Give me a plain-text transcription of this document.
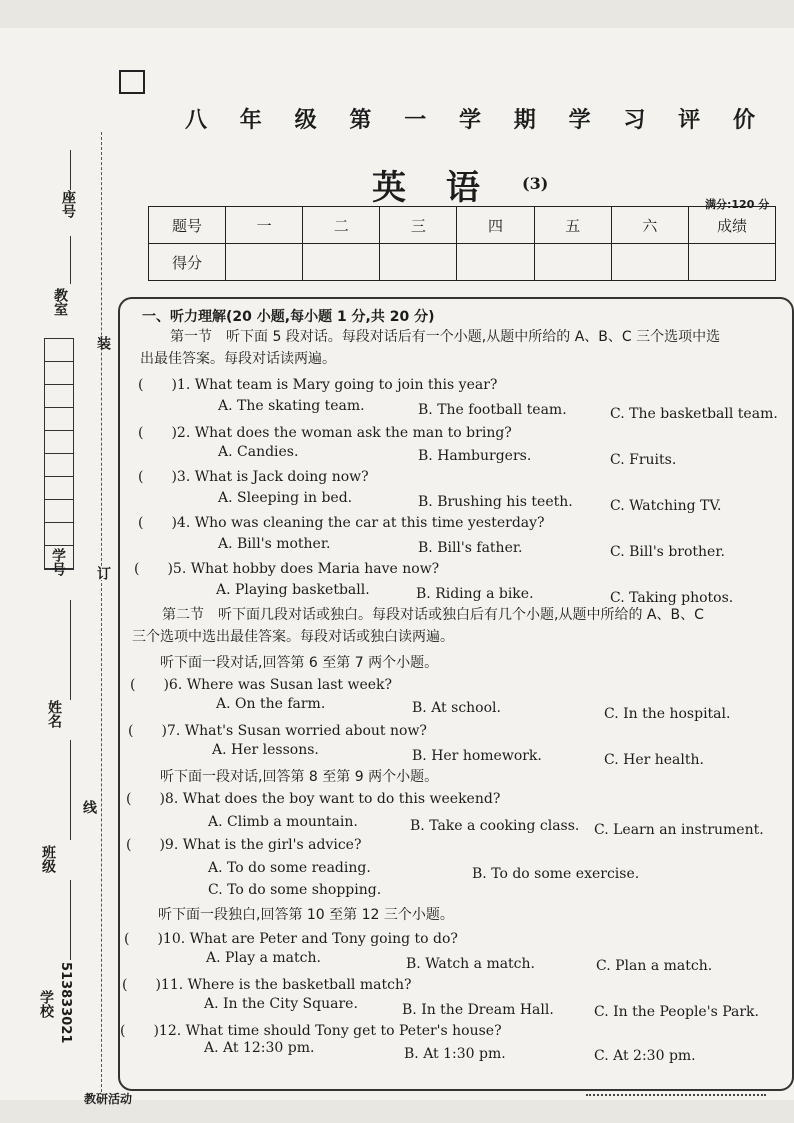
座号
教室
学号
姓名
班级
学校 513833021
装
订
线
八 年 级 第 一 学 期 学 习 评 价
英 语 (3)
满分:120 分
题号	一	二	三	四	五	六	成绩
得分							
一、听力理解(20 小题,每小题 1 分,共 20 分)
第一节　听下面 5 段对话。每段对话后有一个小题,从题中所给的 A、B、C 三个选项中选
出最佳答案。每段对话读两遍。
(　　)1. What team is Mary going to join this year?
A. The skating team.	B. The football team.	C. The basketball team.
(　　)2. What does the woman ask the man to bring?
A. Candies.	B. Hamburgers.	C. Fruits.
(　　)3. What is Jack doing now?
A. Sleeping in bed.	B. Brushing his teeth.	C. Watching TV.
(　　)4. Who was cleaning the car at this time yesterday?
A. Bill's mother.	B. Bill's father.	C. Bill's brother.
(　　)5. What hobby does Maria have now?
A. Playing basketball.	B. Riding a bike.	C. Taking photos.
第二节　听下面几段对话或独白。每段对话或独白后有几个小题,从题中所给的 A、B、C
三个选项中选出最佳答案。每段对话或独白读两遍。
听下面一段对话,回答第 6 至第 7 两个小题。
(　　)6. Where was Susan last week?
A. On the farm.	B. At school.	C. In the hospital.
(　　)7. What's Susan worried about now?
A. Her lessons.	B. Her homework.	C. Her health.
听下面一段对话,回答第 8 至第 9 两个小题。
(　　)8. What does the boy want to do this weekend?
A. Climb a mountain.	B. Take a cooking class. C. Learn an instrument.
(　　)9. What is the girl's advice?
A. To do some reading.	B. To do some exercise.
C. To do some shopping.
听下面一段独白,回答第 10 至第 12 三个小题。
(　　)10. What are Peter and Tony going to do?
A. Play a match.	B. Watch a match.	C. Plan a match.
(　　)11. Where is the basketball match?
A. In the City Square.	B. In the Dream Hall.	C. In the People's Park.
(　　)12. What time should Tony get to Peter's house?
A. At 12:30 pm.	B. At 1:30 pm.	C. At 2:30 pm.
教研活动
